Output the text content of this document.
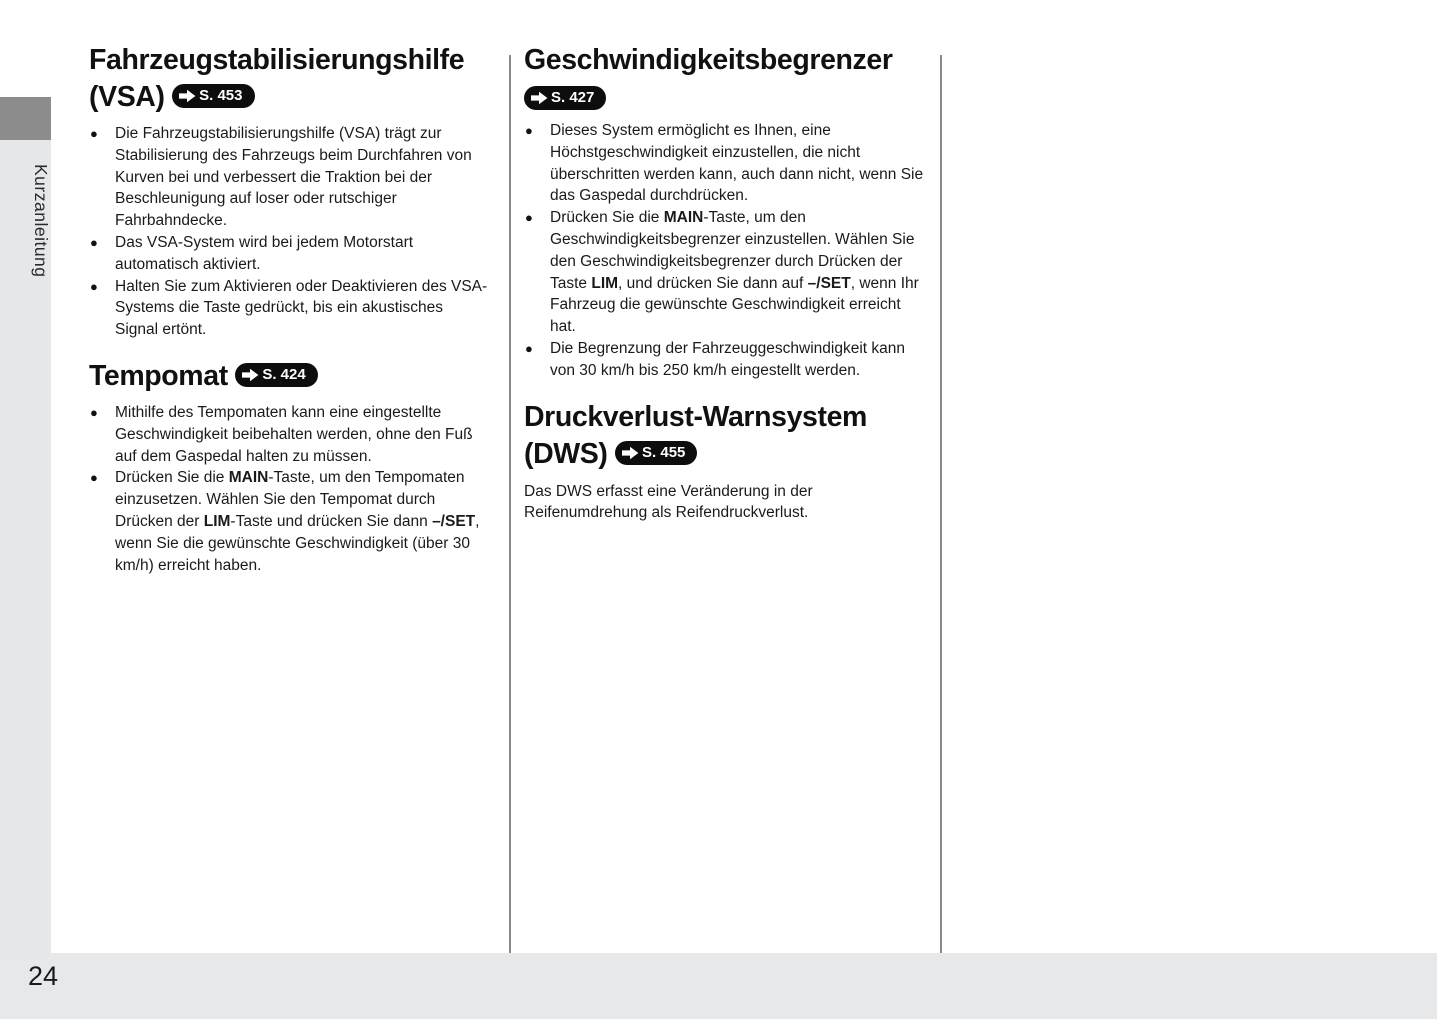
Kurzanleitung
Fahrzeugstabilisierungshilfe
(VSA) S. 453
●
Die Fahrzeugstabilisierungshilfe (VSA) trägt zur Stabilisierung des Fahrzeugs beim Durchfahren von Kurven bei und verbessert die Traktion bei der Beschleunigung auf loser oder rutschiger Fahrbahndecke.
●
Das VSA-System wird bei jedem Motorstart automatisch aktiviert.
●
Halten Sie zum Aktivieren oder Deaktivieren des VSA-Systems die Taste gedrückt, bis ein akustisches Signal ertönt.
Tempomat S. 424
●
Mithilfe des Tempomaten kann eine eingestellte Geschwindigkeit beibehalten werden, ohne den Fuß auf dem Gaspedal halten zu müssen.
●
Drücken Sie die MAIN-Taste, um den Tempomaten einzusetzen. Wählen Sie den Tempomat durch Drücken der LIM-Taste und drücken Sie dann –/SET, wenn Sie die gewünschte Geschwindigkeit (über 30 km/h) erreicht haben.
Geschwindigkeitsbegrenzer
S. 427
●
Dieses System ermöglicht es Ihnen, eine Höchstgeschwindigkeit einzustellen, die nicht überschritten werden kann, auch dann nicht, wenn Sie das Gaspedal durchdrücken.
●
Drücken Sie die MAIN-Taste, um den Geschwindigkeitsbegrenzer einzustellen. Wählen Sie den Geschwindigkeitsbegrenzer durch Drücken der Taste LIM, und drücken Sie dann auf –/SET, wenn Ihr Fahrzeug die gewünschte Geschwindigkeit erreicht hat.
●
Die Begrenzung der Fahrzeuggeschwindigkeit kann von 30 km/h bis 250 km/h eingestellt werden.
Druckverlust-Warnsystem
(DWS) S. 455

Das DWS erfasst eine Veränderung in der Reifenumdrehung als Reifendruckverlust.

24
